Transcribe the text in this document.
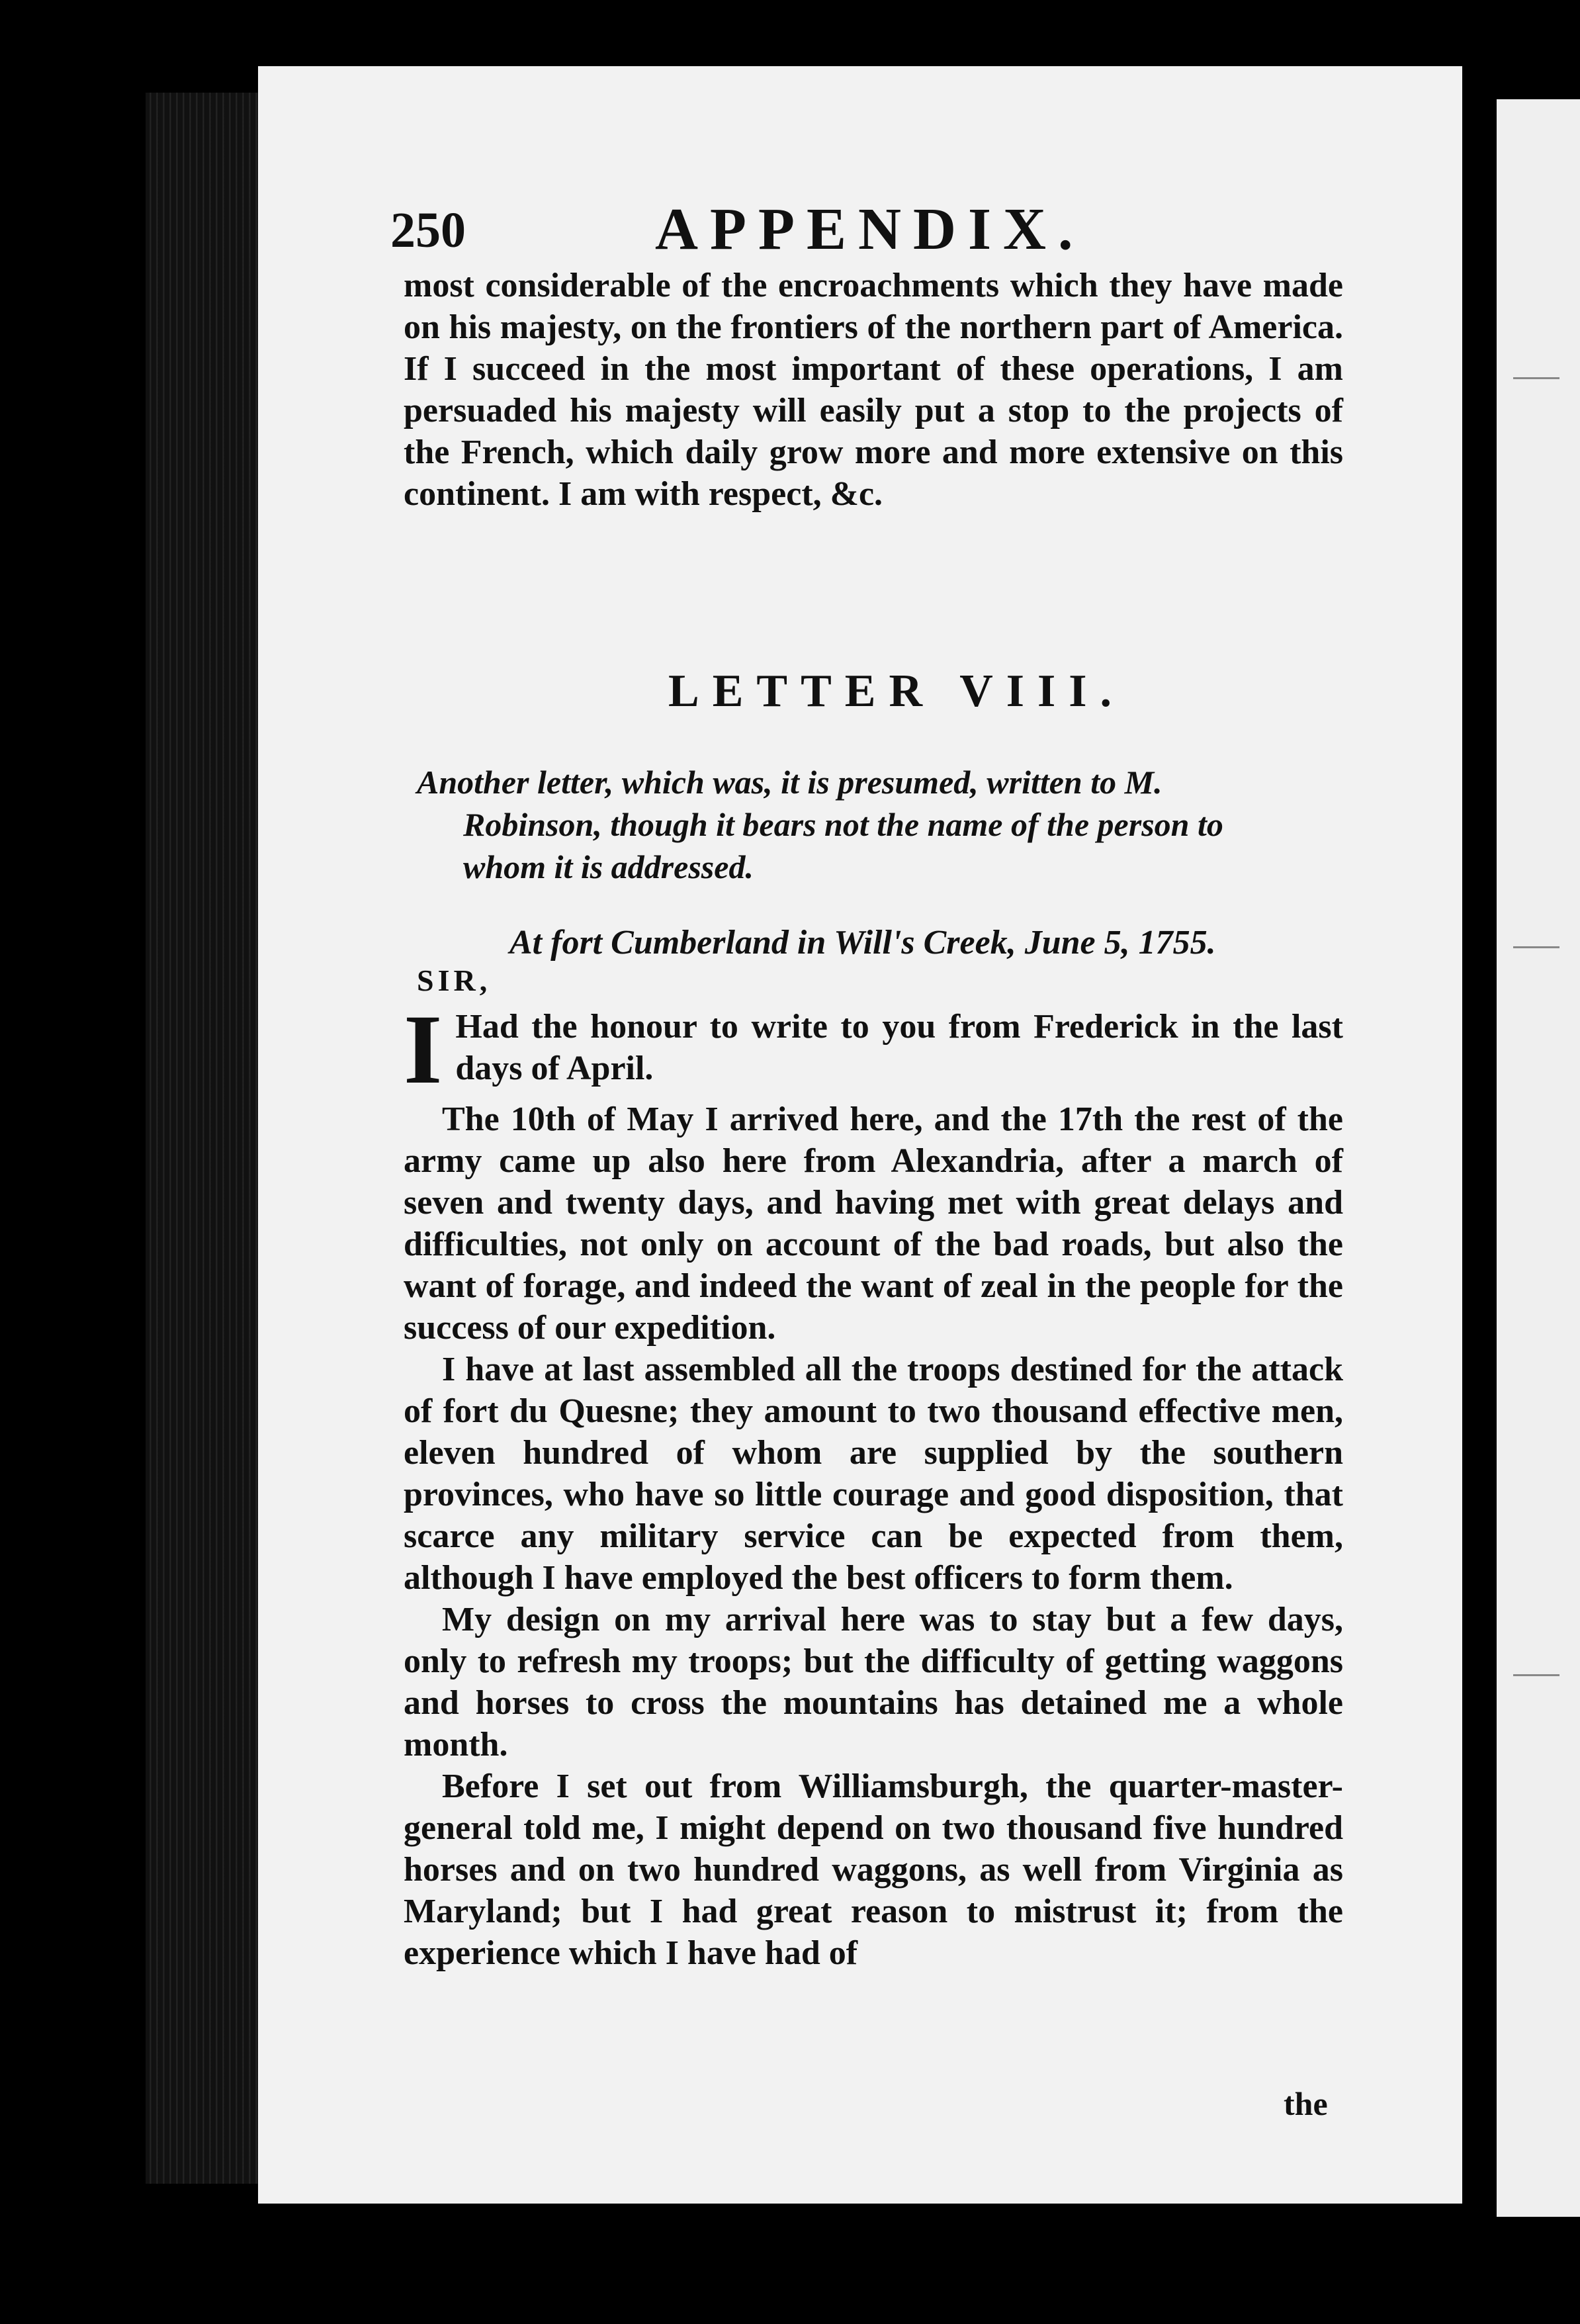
250	APPENDIX.

most considerable of the encroachments which they have made on his majesty, on the frontiers of the northern part of America. If I succeed in the most important of these operations, I am persuaded his majesty will easily put a stop to the projects of the French, which daily grow more and more extensive on this continent. I am with respect, &c.

LETTER VIII.
Another letter, which was, it is presumed, written to M.
Robinson, though it bears not the name of the person to
whom it is addressed.
At fort Cumberland in Will's Creek, June 5, 1755.
SIR,
I Had the honour to write to you from Frederick in the last days of April.

The 10th of May I arrived here, and the 17th the rest of the army came up also here from Alexandria, after a march of seven and twenty days, and having met with great delays and difficulties, not only on account of the bad roads, but also the want of forage, and indeed the want of zeal in the people for the success of our expedition.

I have at last assembled all the troops destined for the attack of fort du Quesne; they amount to two thousand effective men, eleven hundred of whom are supplied by the southern provinces, who have so little courage and good disposition, that scarce any military service can be expected from them, although I have employed the best officers to form them.

My design on my arrival here was to stay but a few days, only to refresh my troops; but the difficulty of getting waggons and horses to cross the mountains has detained me a whole month.

Before I set out from Williamsburgh, the quarter-master-general told me, I might depend on two thousand five hundred horses and on two hundred waggons, as well from Virginia as Maryland; but I had great reason to mistrust it; from the experience which I have had of

the
